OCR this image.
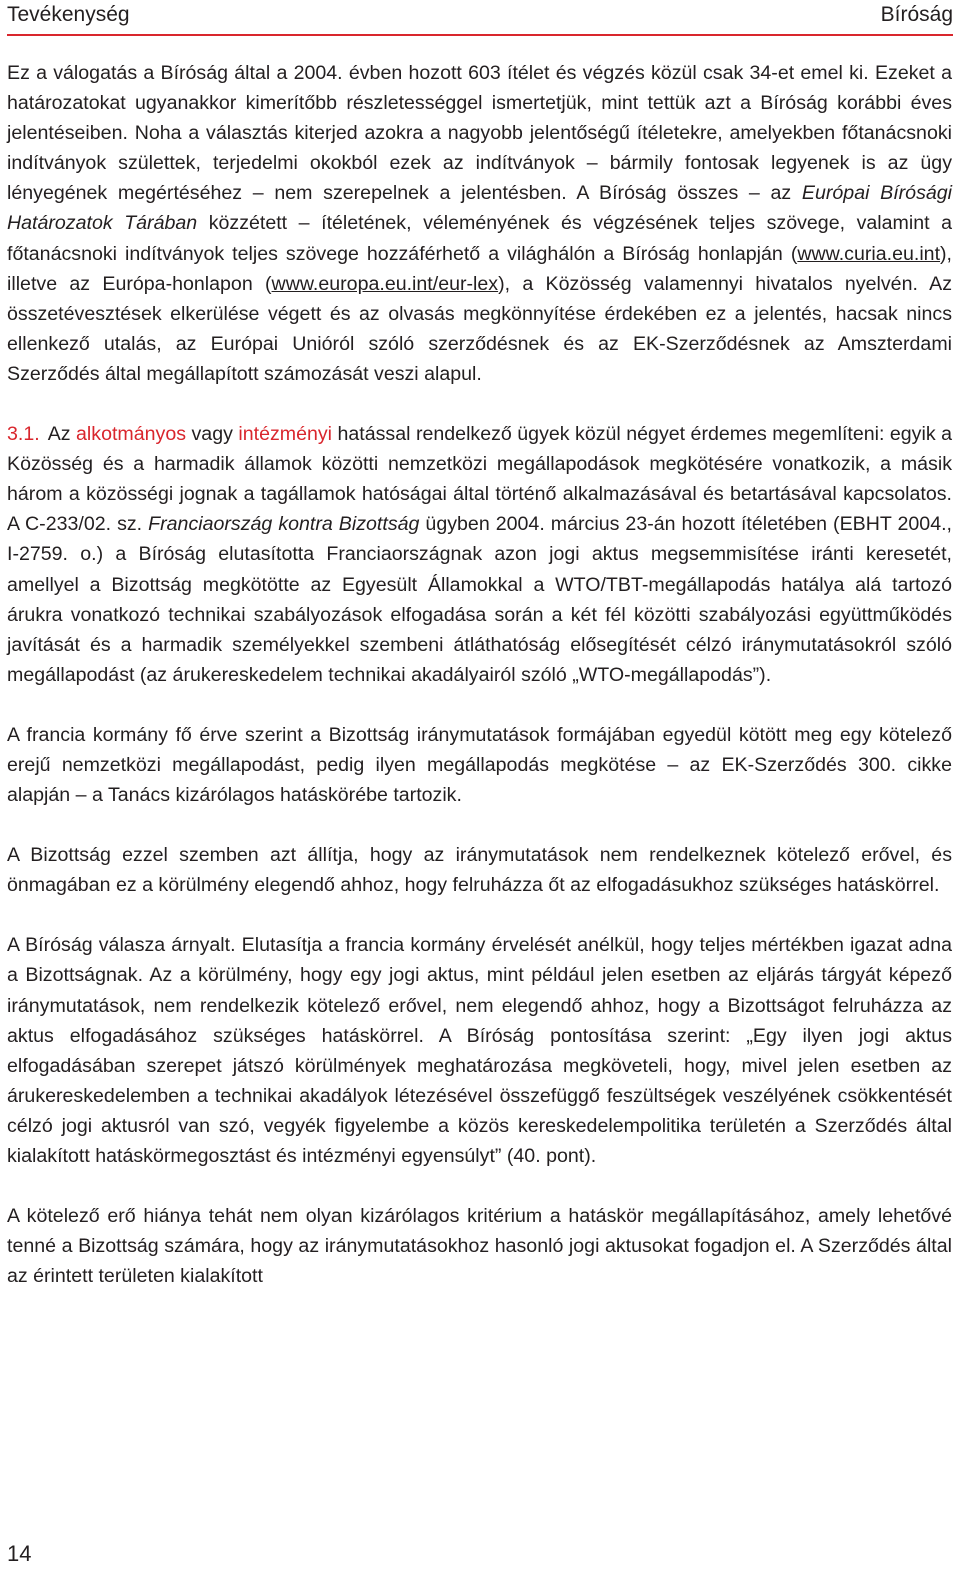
Tevékenység	Bíróság

Ez a válogatás a Bíróság által a 2004. évben hozott 603 ítélet és végzés közül csak 34-et emel ki. Ezeket a határozatokat ugyanakkor kimerítőbb részletességgel ismertetjük, mint tettük azt a Bíróság korábbi éves jelentéseiben. Noha a választás kiterjed azokra a nagyobb jelentőségű ítéletekre, amelyekben főtanácsnoki indítványok születtek, terjedelmi okokból ezek az indítványok – bármily fontosak legyenek is az ügy lényegének megértéséhez – nem szerepelnek a jelentésben. A Bíróság összes – az Európai Bírósági Határozatok Tárában közzétett – ítéletének, véleményének és végzésének teljes szövege, valamint a főtanácsnoki indítványok teljes szövege hozzáférhető a világhálón a Bíróság honlapján (www.curia.eu.int), illetve az Európa-honlapon (www.europa.eu.int/eur-lex), a Közösség valamennyi hivatalos nyelvén. Az összetévesztések elkerülése végett és az olvasás megkönnyítése érdekében ez a jelentés, hacsak nincs ellenkező utalás, az Európai Unióról szóló szerződésnek és az EK-Szerződésnek az Amszterdami Szerződés által megállapított számozását veszi alapul.

3.1. Az alkotmányos vagy intézményi hatással rendelkező ügyek közül négyet érdemes megemlíteni: egyik a Közösség és a harmadik államok közötti nemzetközi megállapodások megkötésére vonatkozik, a másik három a közösségi jognak a tagállamok hatóságai által történő alkalmazásával és betartásával kapcsolatos. A C-233/02. sz. Franciaország kontra Bizottság ügyben 2004. március 23-án hozott ítéletében (EBHT 2004., I-2759. o.) a Bíróság elutasította Franciaországnak azon jogi aktus megsemmisítése iránti keresetét, amellyel a Bizottság megkötötte az Egyesült Államokkal a WTO/TBT-megállapodás hatálya alá tartozó árukra vonatkozó technikai szabályozások elfogadása során a két fél közötti szabályozási együttműködés javítását és a harmadik személyekkel szembeni átláthatóság elősegítését célzó iránymutatásokról szóló megállapodást (az árukereskedelem technikai akadályairól szóló „WTO-megállapodás”).

A francia kormány fő érve szerint a Bizottság iránymutatások formájában egyedül kötött meg egy kötelező erejű nemzetközi megállapodást, pedig ilyen megállapodás megkötése – az EK-Szerződés 300. cikke alapján – a Tanács kizárólagos hatáskörébe tartozik.

A Bizottság ezzel szemben azt állítja, hogy az iránymutatások nem rendelkeznek kötelező erővel, és önmagában ez a körülmény elegendő ahhoz, hogy felruházza őt az elfogadásukhoz szükséges hatáskörrel.

A Bíróság válasza árnyalt. Elutasítja a francia kormány érvelését anélkül, hogy teljes mértékben igazat adna a Bizottságnak. Az a körülmény, hogy egy jogi aktus, mint például jelen esetben az eljárás tárgyát képező iránymutatások, nem rendelkezik kötelező erővel, nem elegendő ahhoz, hogy a Bizottságot felruházza az aktus elfogadásához szükséges hatáskörrel. A Bíróság pontosítása szerint: „Egy ilyen jogi aktus elfogadásában szerepet játszó körülmények meghatározása megköveteli, hogy, mivel jelen esetben az árukereskedelemben a technikai akadályok létezésével összefüggő feszültségek veszélyének csökkentését célzó jogi aktusról van szó, vegyék figyelembe a közös kereskedelempolitika területén a Szerződés által kialakított hatáskörmegosztást és intézményi egyensúlyt” (40. pont).

A kötelező erő hiánya tehát nem olyan kizárólagos kritérium a hatáskör megállapításához, amely lehetővé tenné a Bizottság számára, hogy az iránymutatásokhoz hasonló jogi aktusokat fogadjon el. A Szerződés által az érintett területen kialakított

14
